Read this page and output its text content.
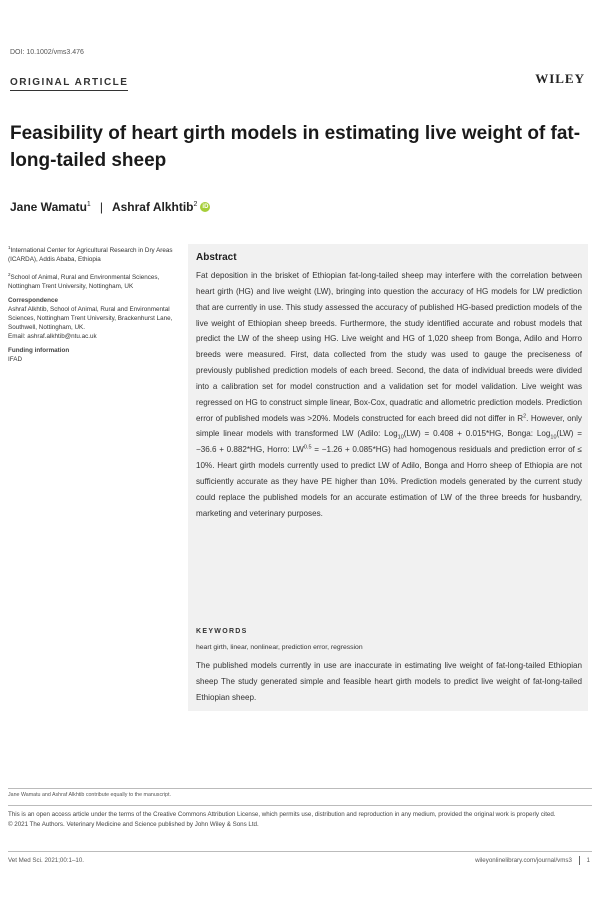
DOI: 10.1002/vms3.476
ORIGINAL ARTICLE	WILEY
Feasibility of heart girth models in estimating live weight of fat-long-tailed sheep
Jane Wamatu$^1$ | Ashraf Alkhtib$^2$ iD

$^1$International Center for Agricultural Research in Dry Areas (ICARDA), Addis Ababa, Ethiopia

$^2$School of Animal, Rural and Environmental Sciences, Nottingham Trent University, Nottingham, UK

Correspondence

Ashraf Alkhtib, School of Animal, Rural and Environmental Sciences, Nottingham Trent University, Brackenhurst Lane, Southwell, Nottingham, UK.

Email: ashraf.alkhtib@ntu.ac.uk

Funding information

IFAD

Abstract
Fat deposition in the brisket of Ethiopian fat-long-tailed sheep may interfere with the correlation between heart girth (HG) and live weight (LW), bringing into question the accuracy of HG models for LW prediction that are currently in use. This study assessed the accuracy of published HG-based prediction models of the live weight of Ethiopian sheep breeds. Furthermore, the study identified accurate and robust models that predict the LW of the sheep using HG. Live weight and HG of 1,020 sheep from Bonga, Adilo and Horro breeds were measured. First, data collected from the study was used to gauge the preciseness of previously published prediction models of each breed. Second, the data of individual breeds were divided into a calibration set for model construction and a validation set for model validation. Live weight was regressed on HG to construct simple linear, Box-Cox, quadratic and allometric prediction models. Prediction error of published models was >20%. Models constructed for each breed did not differ in $R^2$. However, only simple linear models with transformed LW (Adilo: Log$_{10}$(LW) = 0.408 + 0.015*HG, Bonga: Log$_{10}$(LW) = −36.6 + 0.882*HG, Horro: $LW^{0.5} = -1.26 + 0.085*HG$) had homogenous residuals and prediction error of ≤ 10%. Heart girth models currently used to predict LW of Adilo, Bonga and Horro sheep of Ethiopia are not sufficiently accurate as they have PE higher than 10%. Prediction models generated by the current study could replace the published models for an accurate estimation of LW of the three breeds for husbandry, marketing and veterinary purposes.
KEYWORDS
heart girth, linear, nonlinear, prediction error, regression
The published models currently in use are inaccurate in estimating live weight of fat-long-tailed Ethiopian sheep The study generated simple and feasible heart girth models to predict live weight of fat-long-tailed Ethiopian sheep.
Jane Wamatu and Ashraf Alkhtib contribute equally to the manuscript.
This is an open access article under the terms of the Creative Commons Attribution License, which permits use, distribution and reproduction in any medium, provided the original work is properly cited.
© 2021 The Authors. Veterinary Medicine and Science published by John Wiley & Sons Ltd.
Vet Med Sci. 2021;00:1–10.	wileyonlinelibrary.com/journal/vms3 1
